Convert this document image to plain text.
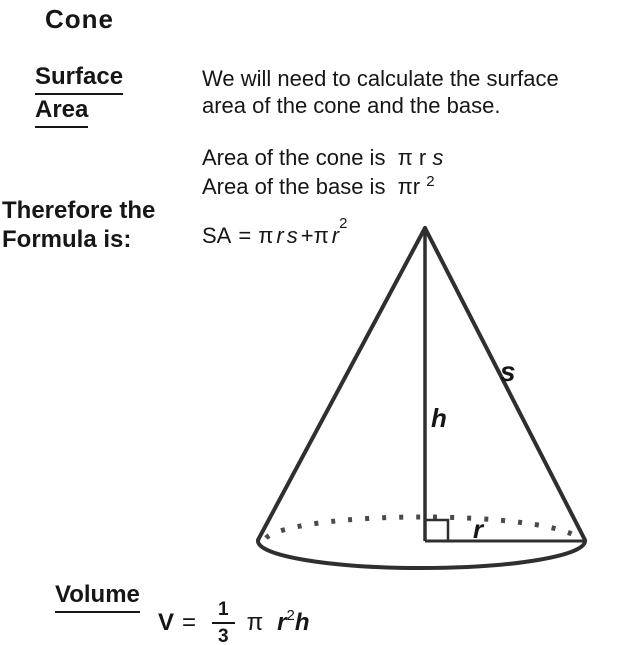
Cone
Surface
Area
We will need to calculate the surface
area of the cone and the base.
Area of the cone is π r s
Area of the base is πr $^2$
Therefore the
Formula is:	SA = π r s + π r 2
s
h
r
Volume
$V = \frac{1}{3}$ π r 2 h
